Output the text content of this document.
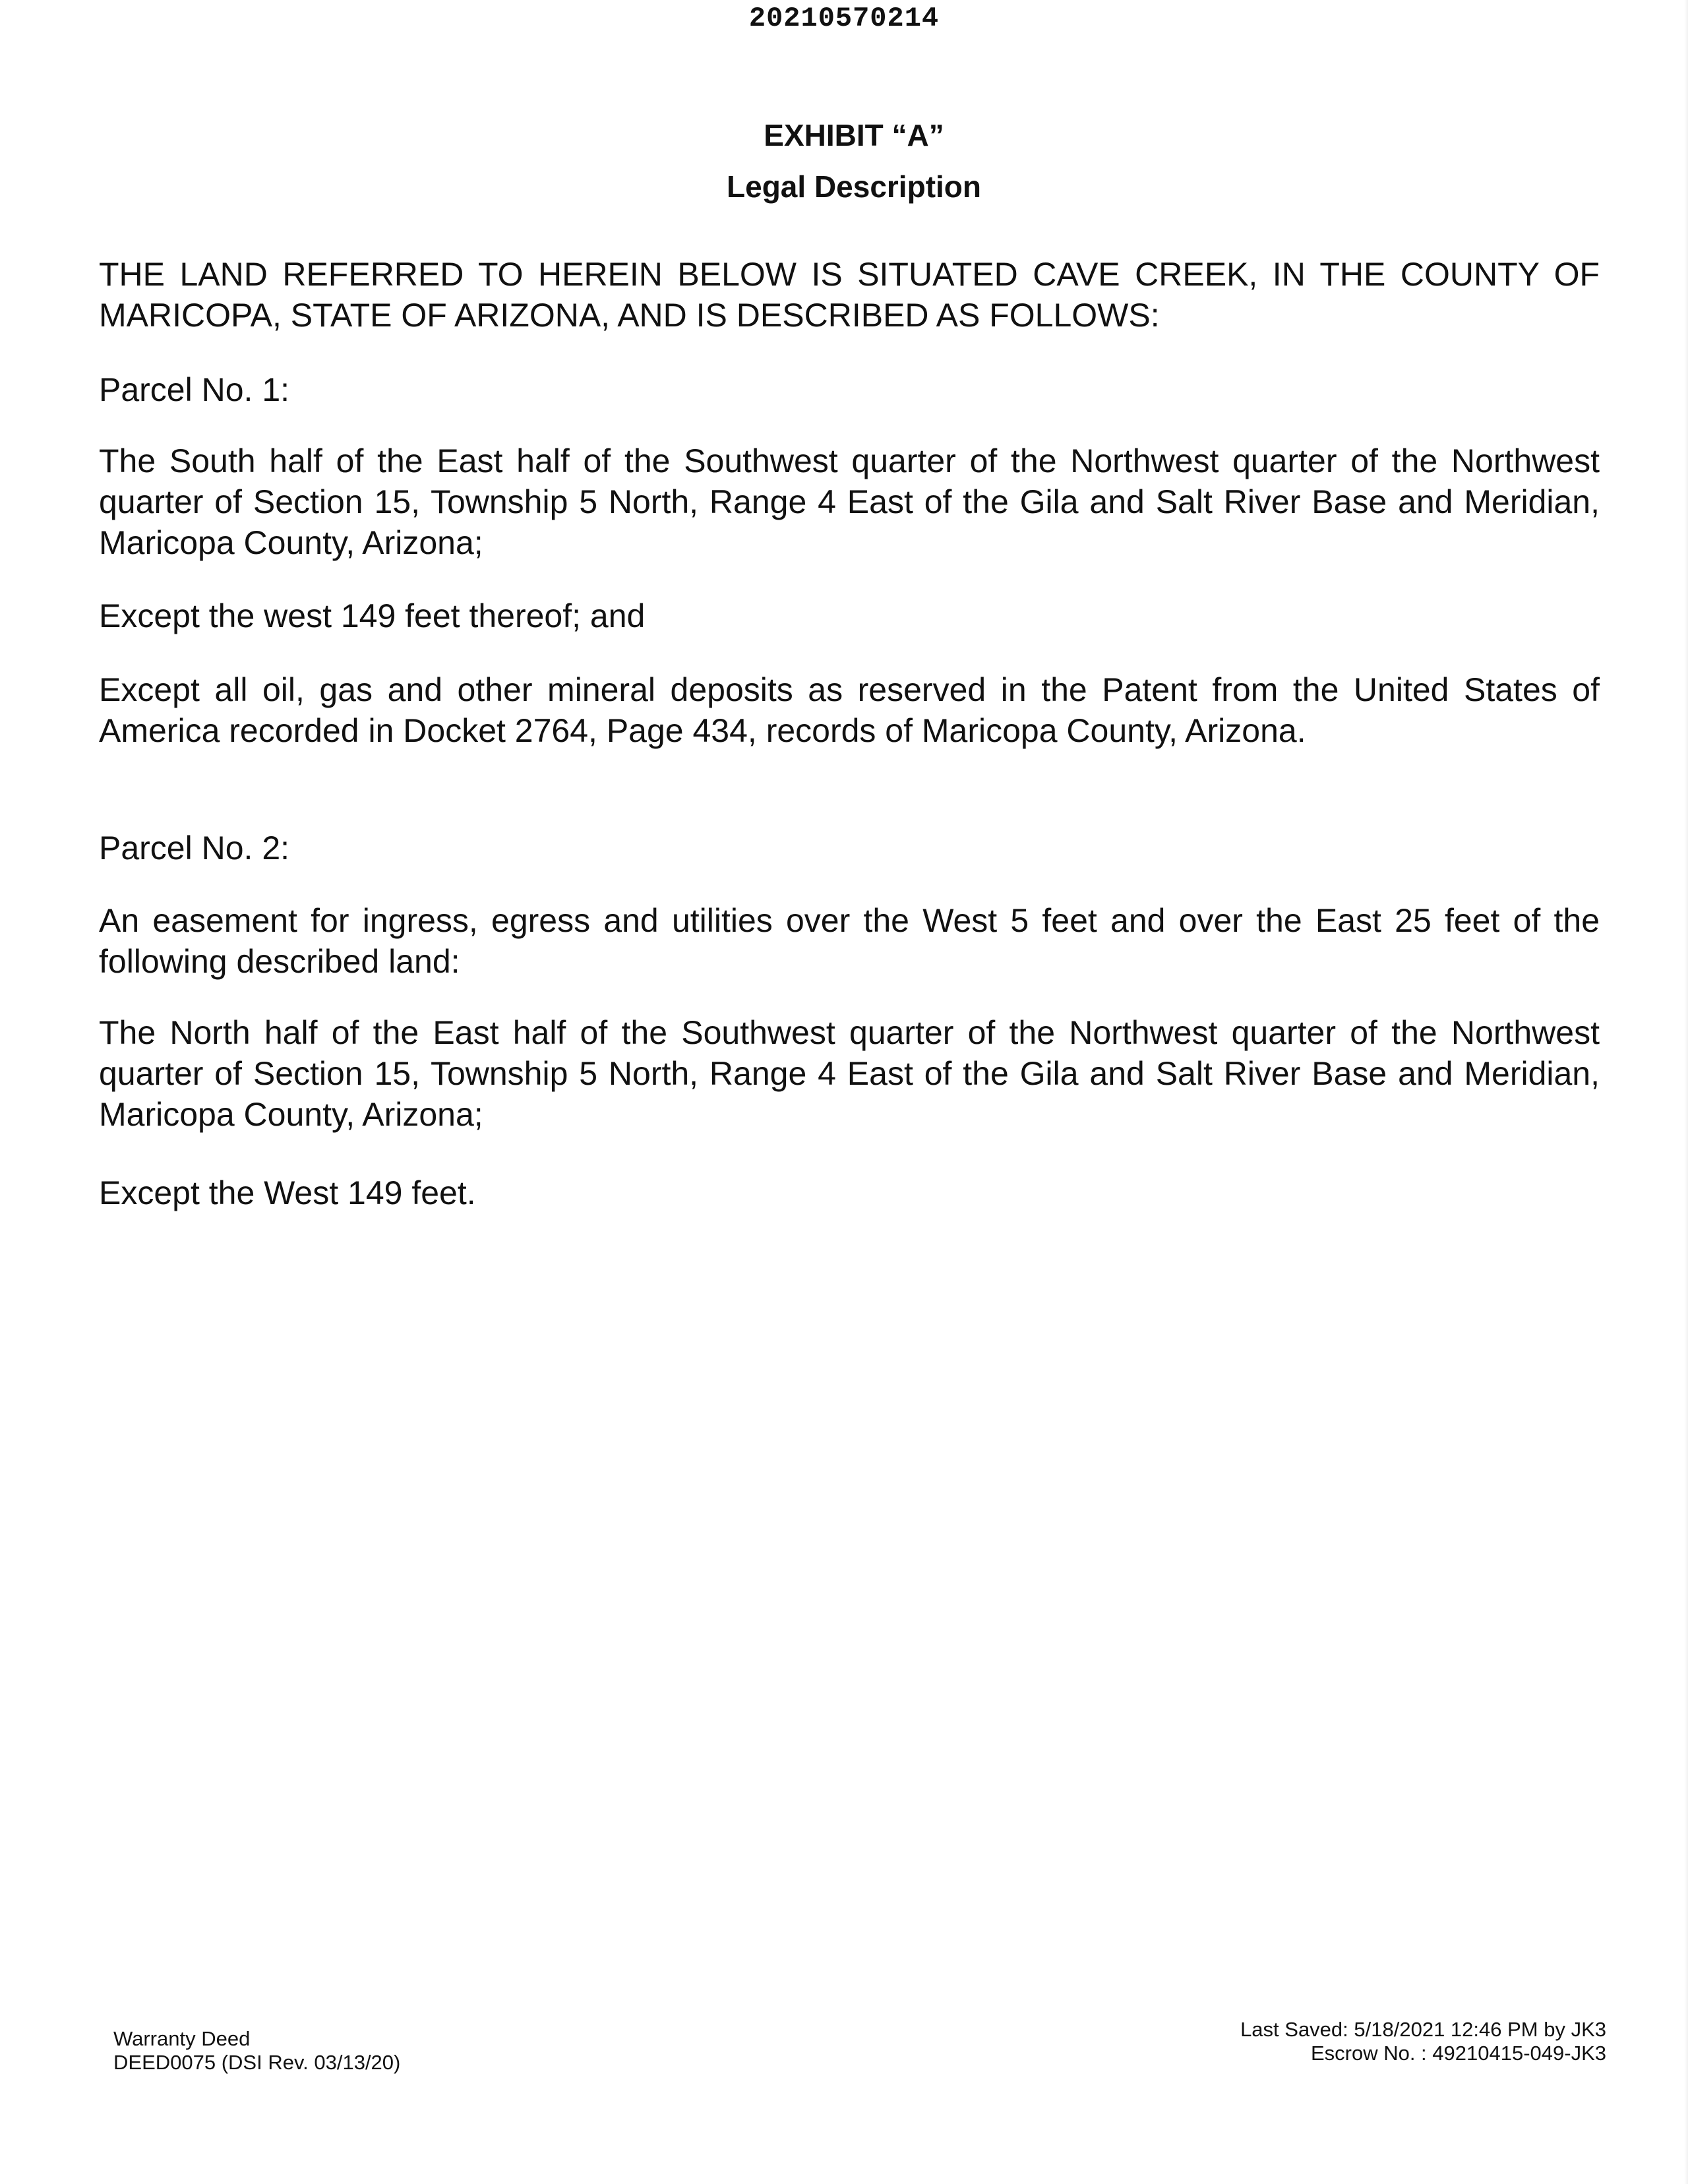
20210570214
EXHIBIT “A”
Legal Description

THE LAND REFERRED TO HEREIN BELOW IS SITUATED CAVE CREEK, IN THE COUNTY OF MARICOPA, STATE OF ARIZONA, AND IS DESCRIBED AS FOLLOWS:

Parcel No. 1:

The South half of the East half of the Southwest quarter of the Northwest quarter of the Northwest quarter of Section 15, Township 5 North, Range 4 East of the Gila and Salt River Base and Meridian, Maricopa County, Arizona;

Except the west 149 feet thereof; and

Except all oil, gas and other mineral deposits as reserved in the Patent from the United States of America recorded in Docket 2764, Page 434, records of Maricopa County, Arizona.

Parcel No. 2:

An easement for ingress, egress and utilities over the West 5 feet and over the East 25 feet of the following described land:

The North half of the East half of the Southwest quarter of the Northwest quarter of the Northwest quarter of Section 15, Township 5 North, Range 4 East of the Gila and Salt River Base and Meridian, Maricopa County, Arizona;

Except the West 149 feet.

Warranty Deed
DEED0075 (DSI Rev. 03/13/20)
Last Saved: 5/18/2021 12:46 PM by JK3
Escrow No. : 49210415-049-JK3
